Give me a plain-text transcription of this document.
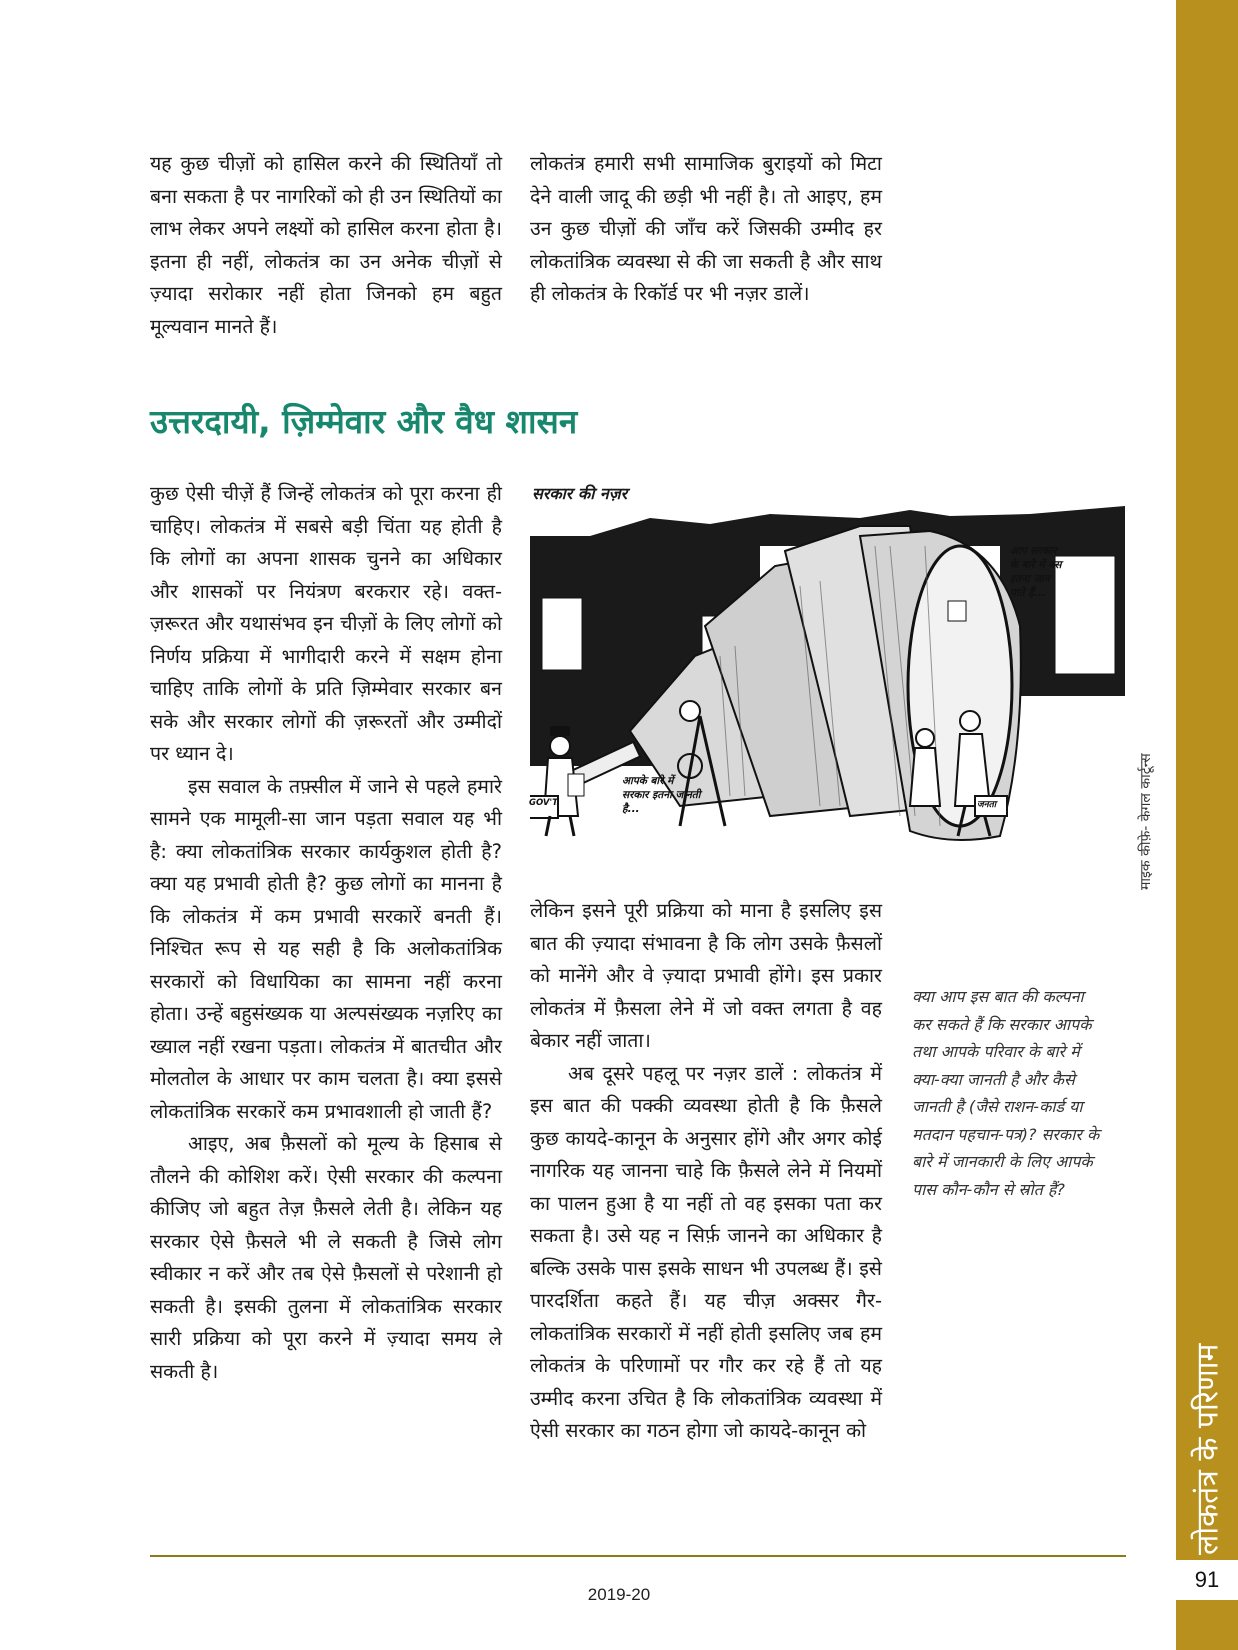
लोकतंत्र के परिणाम
91

यह कुछ चीज़ों को हासिल करने की स्थितियाँ तो बना सकता है पर नागरिकों को ही उन स्थितियों का लाभ लेकर अपने लक्ष्यों को हासिल करना होता है। इतना ही नहीं, लोकतंत्र का उन अनेक चीज़ों से ज़्यादा सरोकार नहीं होता जिनको हम बहुत मूल्यवान मानते हैं।

लोकतंत्र हमारी सभी सामाजिक बुराइयों को मिटा देने वाली जादू की छड़ी भी नहीं है। तो आइए, हम उन कुछ चीज़ों की जाँच करें जिसकी उम्मीद हर लोकतांत्रिक व्यवस्था से की जा सकती है और साथ ही लोकतंत्र के रिकॉर्ड पर भी नज़र डालें।

उत्तरदायी, ज़िम्मेवार और वैध शासन

कुछ ऐसी चीज़ें हैं जिन्हें लोकतंत्र को पूरा करना ही चाहिए। लोकतंत्र में सबसे बड़ी चिंता यह होती है कि लोगों का अपना शासक चुनने का अधिकार और शासकों पर नियंत्रण बरकरार रहे। वक्त-ज़रूरत और यथासंभव इन चीज़ों के लिए लोगों को निर्णय प्रक्रिया में भागीदारी करने में सक्षम होना चाहिए ताकि लोगों के प्रति ज़िम्मेवार सरकार बन सके और सरकार लोगों की ज़रूरतों और उम्मीदों पर ध्यान दे।

इस सवाल के तफ़्सील में जाने से पहले हमारे सामने एक मामूली-सा जान पड़ता सवाल यह भी है: क्या लोकतांत्रिक सरकार कार्यकुशल होती है? क्या यह प्रभावी होती है? कुछ लोगों का मानना है कि लोकतंत्र में कम प्रभावी सरकारें बनती हैं। निश्चित रूप से यह सही है कि अलोकतांत्रिक सरकारों को विधायिका का सामना नहीं करना होता। उन्हें बहुसंख्यक या अल्पसंख्यक नज़रिए का ख्याल नहीं रखना पड़ता। लोकतंत्र में बातचीत और मोलतोल के आधार पर काम चलता है। क्या इससे लोकतांत्रिक सरकारें कम प्रभावशाली हो जाती हैं?

आइए, अब फ़ैसलों को मूल्य के हिसाब से तौलने की कोशिश करें। ऐसी सरकार की कल्पना कीजिए जो बहुत तेज़ फ़ैसले लेती है। लेकिन यह सरकार ऐसे फ़ैसले भी ले सकती है जिसे लोग स्वीकार न करें और तब ऐसे फ़ैसलों से परेशानी हो सकती है। इसकी तुलना में लोकतांत्रिक सरकार सारी प्रक्रिया को पूरा करने में ज़्यादा समय ले सकती है।

सरकार की नज़र
आप सरकार के बारे में बस इतना जान पाते हैं...
आपके बारे में सरकार इतना जानती है...
GOV'T.	जनता	माइक कीफ़े- केगल कार्टून्स

लेकिन इसने पूरी प्रक्रिया को माना है इसलिए इस बात की ज़्यादा संभावना है कि लोग उसके फ़ैसलों को मानेंगे और वे ज़्यादा प्रभावी होंगे। इस प्रकार लोकतंत्र में फ़ैसला लेने में जो वक्त लगता है वह बेकार नहीं जाता।

अब दूसरे पहलू पर नज़र डालें : लोकतंत्र में इस बात की पक्की व्यवस्था होती है कि फ़ैसले कुछ कायदे-कानून के अनुसार होंगे और अगर कोई नागरिक यह जानना चाहे कि फ़ैसले लेने में नियमों का पालन हुआ है या नहीं तो वह इसका पता कर सकता है। उसे यह न सिर्फ़ जानने का अधिकार है बल्कि उसके पास इसके साधन भी उपलब्ध हैं। इसे पारदर्शिता कहते हैं। यह चीज़ अक्सर गैर-लोकतांत्रिक सरकारों में नहीं होती इसलिए जब हम लोकतंत्र के परिणामों पर गौर कर रहे हैं तो यह उम्मीद करना उचित है कि लोकतांत्रिक व्यवस्था में ऐसी सरकार का गठन होगा जो कायदे-कानून को

क्या आप इस बात की कल्पना कर सकते हैं कि सरकार आपके तथा आपके परिवार के बारे में क्या-क्या जानती है और कैसे जानती है (जैसे राशन-कार्ड या मतदान पहचान-पत्र)? सरकार के बारे में जानकारी के लिए आपके पास कौन-कौन से स्रोत हैं?
2019-20
